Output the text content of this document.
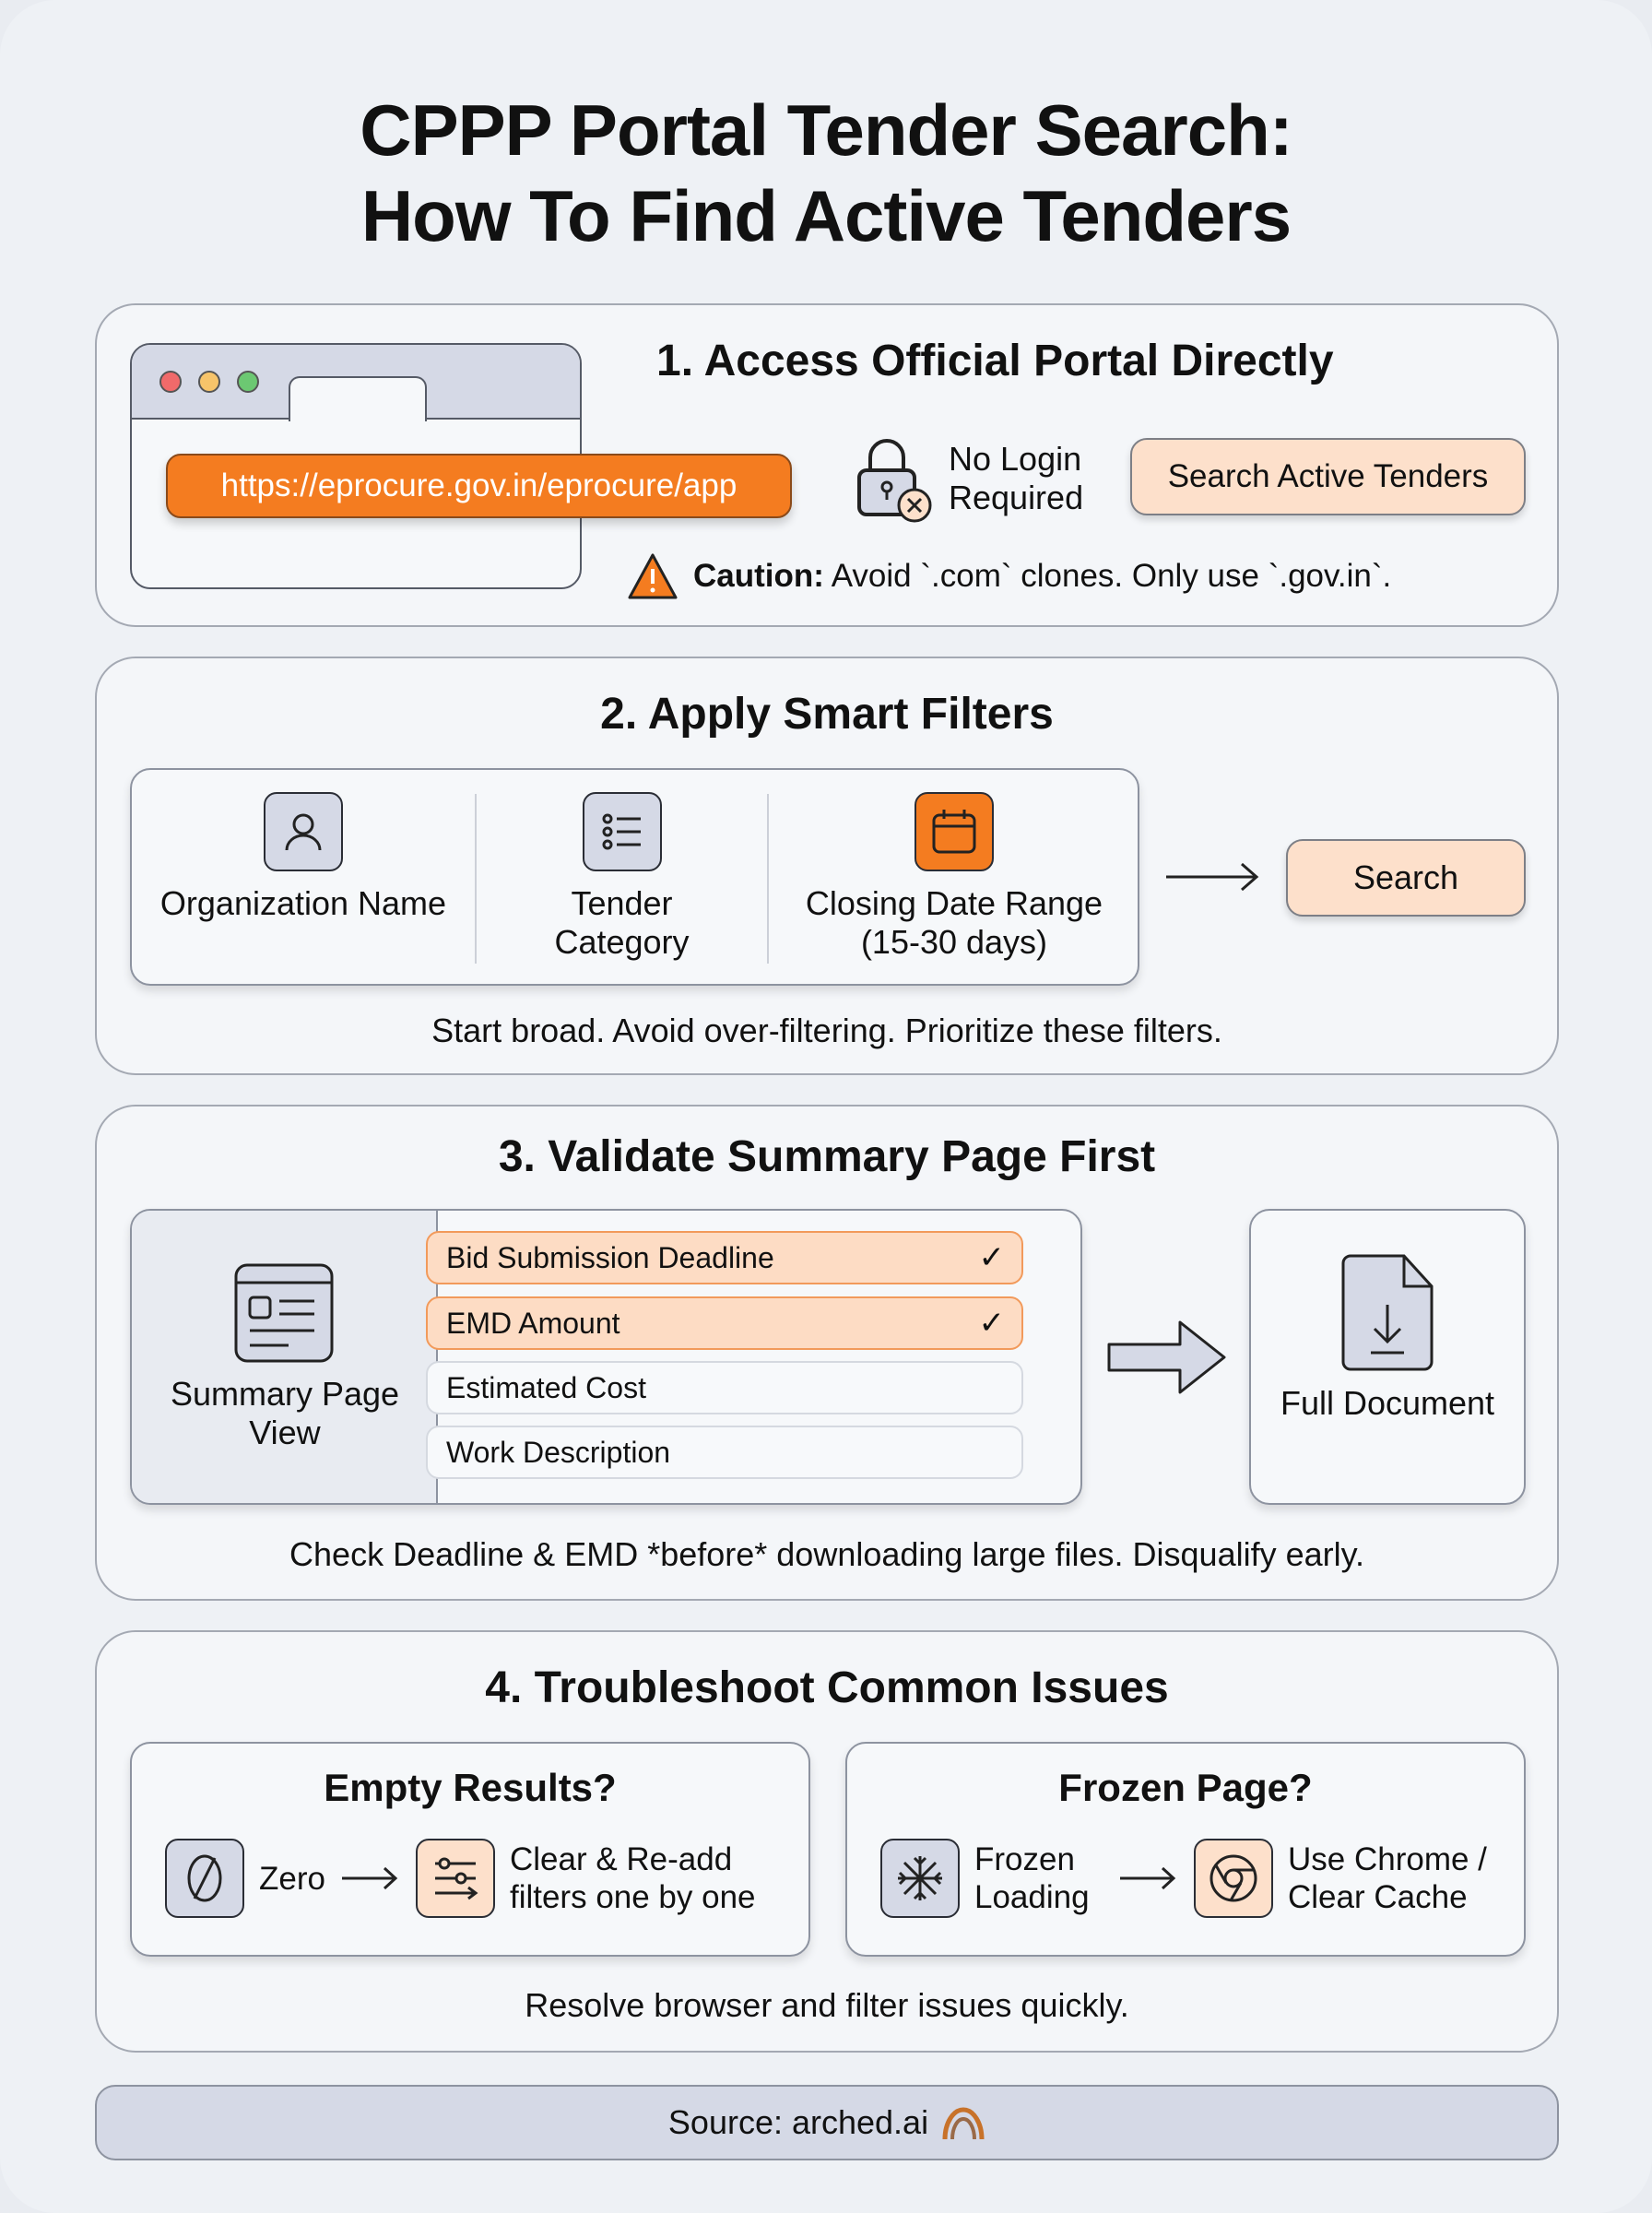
CPPP Portal Tender Search:
How To Find Active Tenders
https://eprocure.gov.in/eprocure/app
1. Access Official Portal Directly
No Login Required
Search Active Tenders
Caution: Avoid `.com` clones. Only use `.gov.in`.
2. Apply Smart Filters
Organization Name	Tender Category
Closing Date Range (15-30 days)
Search
Start broad. Avoid over-filtering. Prioritize these filters.
3. Validate Summary Page First
Summary Page View
Bid Submission Deadline	✓
EMD Amount	✓
Estimated Cost
Work Description
Full Document
Check Deadline & EMD *before* downloading large files. Disqualify early.
4. Troubleshoot Common Issues
Empty Results?
Zero
Clear & Re-add filters one by one
Frozen Page?
Frozen Loading
Use Chrome / Clear Cache
Resolve browser and filter issues quickly.
Source: arched.ai
